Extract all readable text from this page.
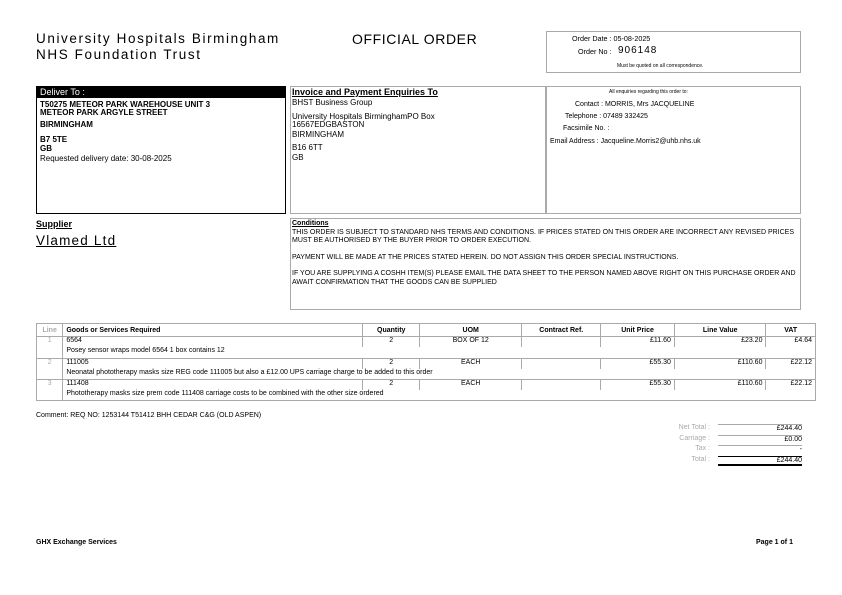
University Hospitals Birmingham
NHS Foundation Trust
OFFICIAL ORDER	Order Date : 05-08-2025
Order No : 906148
Must be quoted on all correspondence.
Deliver To :
T50275 METEOR PARK WAREHOUSE UNIT 3
METEOR PARK ARGYLE STREET
BIRMINGHAM
B7 5TE
GB
Requested delivery date: 30-08-2025
Invoice and Payment Enquiries To
BHST Business Group
University Hospitals BirminghamPO Box
16567EDGBASTON
BIRMINGHAM
B16 6TT
GB
All enquiries regarding this order to:
Contact : MORRIS, Mrs JACQUELINE
Telephone : 07489 332425
Facsimile No. :
Email Address : Jacqueline.Morris2@uhb.nhs.uk
Supplier
Vlamed Ltd
Conditions

THIS ORDER IS SUBJECT TO STANDARD NHS TERMS AND CONDITIONS. IF PRICES STATED ON THIS ORDER ARE INCORRECT ANY REVISED PRICES MUST BE AUTHORISED BY THE BUYER PRIOR TO ORDER EXECUTION.

PAYMENT WILL BE MADE AT THE PRICES STATED HEREIN. DO NOT ASSIGN THIS ORDER SPECIAL INSTRUCTIONS.

IF YOU ARE SUPPLYING A COSHH ITEM(S) PLEASE EMAIL THE DATA SHEET TO THE PERSON NAMED ABOVE RIGHT ON THIS PURCHASE ORDER AND AWAIT CONFIRMATION THAT THE GOODS CAN BE SUPPLIED

Line	Goods or Services Required	Quantity	UOM	Contract Ref.	Unit Price	Line Value	VAT
1	6564	2	BOX OF 12		£11.60	£23.20	£4.64
	Posey sensor wraps model 6564 1 box contains 12						
2	111005	2	EACH		£55.30	£110.60	£22.12
	Neonatal phototherapy masks size REG code 111005 but also a £12.00 UPS carriage charge to be added to this order						
3	111408	2	EACH		£55.30	£110.60	£22.12
	Phototherapy masks size prem code 111408 carriage costs to be combined with the other size ordered						
Comment: REQ NO: 1253144 T51412 BHH CEDAR C&G (OLD ASPEN)
Net Total :	£244.40
Carriage :	£0.00
Tax :	-
Total :	£244.40
GHX Exchange Services	Page 1 of 1
